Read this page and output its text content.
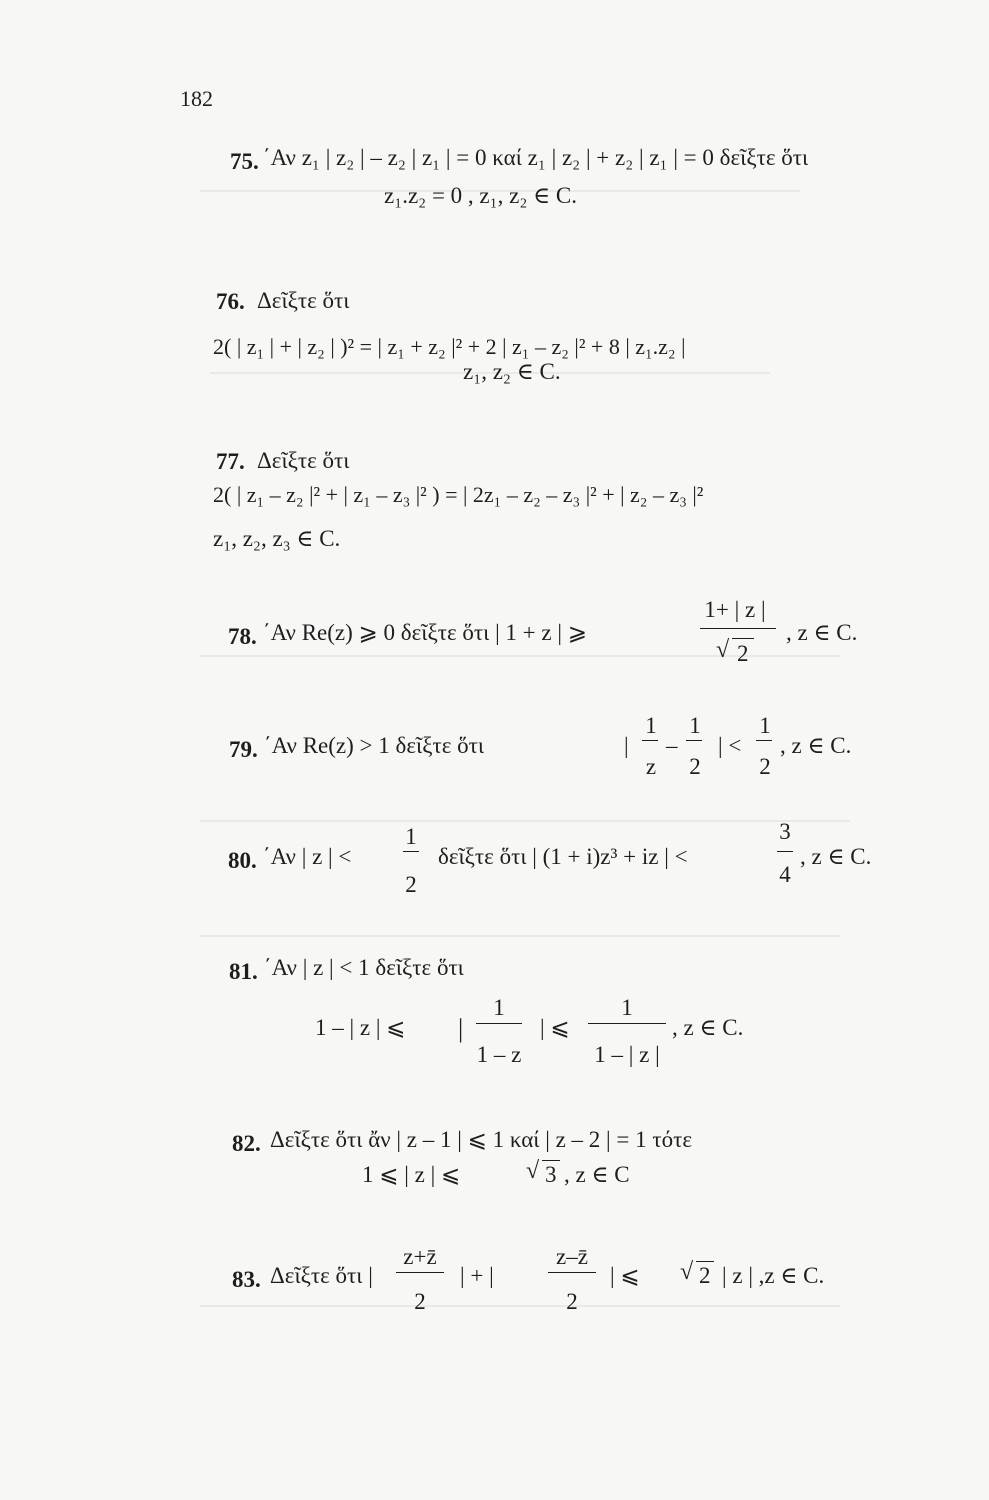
182
75. ΄Αν z₁ | z₂ | – z₂ | z₁ | = 0 καί z₁ | z₂ | + z₂ | z₁ | = 0 δεῖξτε ὅτι
z₁.z₂ = 0 , z₁, z₂ ∈ C.
76. Δεῖξτε ὅτι
2( | z₁ | + | z₂ | )² = | z₁ + z₂ |² + 2 | z₁ – z₂ |² + 8 | z₁.z₂ |
z₁, z₂ ∈ C.
77. Δεῖξτε ὅτι
2( | z₁ – z₂ |² + | z₁ – z₃ |² ) = | 2z₁ – z₂ – z₃ |² + | z₂ – z₃ |²
z₁, z₂, z₃ ∈ C.
78. ΄Αν Re(z) ⩾ 0 δεῖξτε ὅτι | 1 + z | ⩾
1+ | z |
√ 2
, z ∈ C.
79. ΄Αν Re(z) > 1 δεῖξτε ὅτι	|
1
z
–
1
2
| <
1
2
, z ∈ C.
80. ΄Αν | z | <
1
2
δεῖξτε ὅτι | (1 + i)z³ + iz | <
3
4
, z ∈ C.
81. ΄Αν | z | < 1 δεῖξτε ὅτι
1 – | z | ⩽ |
1
1 – z
| ⩽
1
1 – | z |
, z ∈ C.
82. Δεῖξτε ὅτι ἄν | z – 1 | ⩽ 1 καί | z – 2 | = 1 τότε
1 ⩽ | z | ⩽	√ 3 , z ∈ C
83. Δεῖξτε ὅτι |
z+z̄
2
| + |
z–z̄
2
| ⩽ √ 2 | z | ,z ∈ C.
